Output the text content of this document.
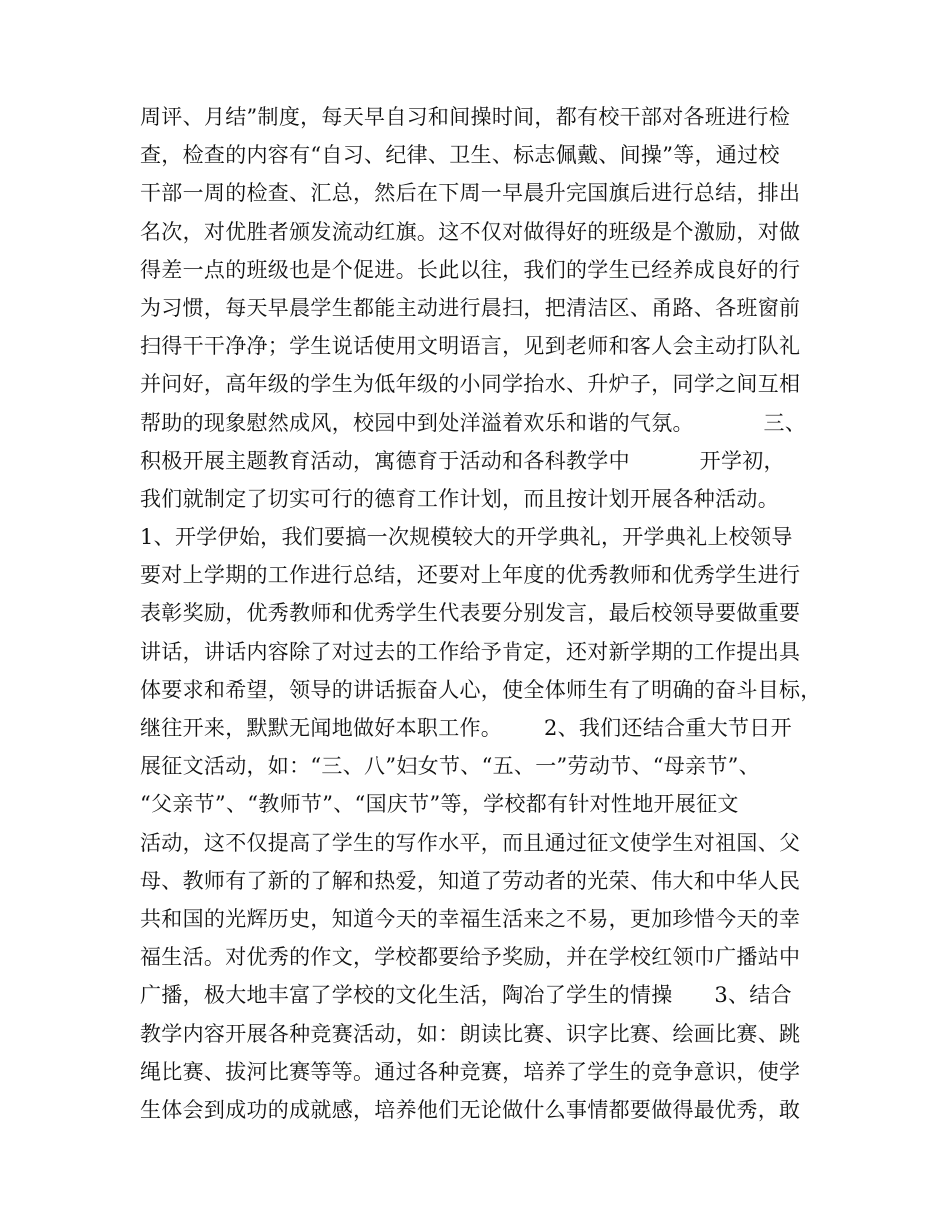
周评、月结”制度，每天早自习和间操时间，都有校干部对各班进行检
查，检查的内容有“自习、纪律、卫生、标志佩戴、间操”等，通过校
干部一周的检查、汇总，然后在下周一早晨升完国旗后进行总结，排出
名次，对优胜者颁发流动红旗。这不仅对做得好的班级是个激励，对做
得差一点的班级也是个促进。长此以往，我们的学生已经养成良好的行
为习惯，每天早晨学生都能主动进行晨扫，把清洁区、甬路、各班窗前
扫得干干净净；学生说话使用文明语言，见到老师和客人会主动打队礼
并问好，高年级的学生为低年级的小同学抬水、升炉子，同学之间互相
帮助的现象慰然成风，校园中到处洋溢着欢乐和谐的气氛。          三、
积极开展主题教育活动，寓德育于活动和各科教学中          开学初，
我们就制定了切实可行的德育工作计划，而且按计划开展各种活动。
1、开学伊始，我们要搞一次规模较大的开学典礼，开学典礼上校领导
要对上学期的工作进行总结，还要对上年度的优秀教师和优秀学生进行
表彰奖励，优秀教师和优秀学生代表要分别发言，最后校领导要做重要
讲话，讲话内容除了对过去的工作给予肯定，还对新学期的工作提出具
体要求和希望，领导的讲话振奋人心，使全体师生有了明确的奋斗目标，
继往开来，默默无闻地做好本职工作。      2、我们还结合重大节日开
展征文活动，如：“三、八”妇女节、“五、一”劳动节、“母亲节”、
“父亲节”、“教师节”、“国庆节”等，学校都有针对性地开展征文
活动，这不仅提高了学生的写作水平，而且通过征文使学生对祖国、父
母、教师有了新的了解和热爱，知道了劳动者的光荣、伟大和中华人民
共和国的光辉历史，知道今天的幸福生活来之不易，更加珍惜今天的幸
福生活。对优秀的作文，学校都要给予奖励，并在学校红领巾广播站中
广播，极大地丰富了学校的文化生活，陶冶了学生的情操      3、结合
教学内容开展各种竞赛活动，如：朗读比赛、识字比赛、绘画比赛、跳
绳比赛、拔河比赛等等。通过各种竞赛，培养了学生的竞争意识，使学
生体会到成功的成就感，培养他们无论做什么事情都要做得最优秀，敢
